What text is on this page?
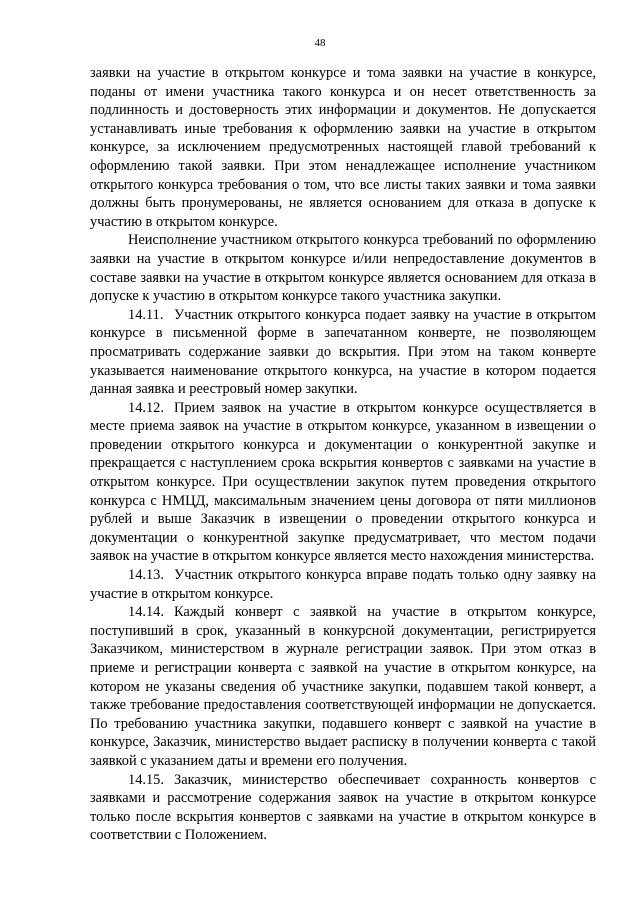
48

заявки на участие в открытом конкурсе и тома заявки на участие в конкурсе, поданы от имени участника такого конкурса и он несет ответственность за подлинность и достоверность этих информации и документов. Не допускается устанавливать иные требования к оформлению заявки на участие в открытом конкурсе, за исключением предусмотренных настоящей главой требований к оформлению такой заявки. При этом ненадлежащее исполнение участником открытого конкурса требования о том, что все листы таких заявки и тома заявки должны быть пронумерованы, не является основанием для отказа в допуске к участию в открытом конкурсе.

Неисполнение участником открытого конкурса требований по оформлению заявки на участие в открытом конкурсе и/или непредоставление документов в составе заявки на участие в открытом конкурсе является основанием для отказа в допуске к участию в открытом конкурсе такого участника закупки.

14.11. Участник открытого конкурса подает заявку на участие в открытом конкурсе в письменной форме в запечатанном конверте, не позволяющем просматривать содержание заявки до вскрытия. При этом на таком конверте указывается наименование открытого конкурса, на участие в котором подается данная заявка и реестровый номер закупки.

14.12. Прием заявок на участие в открытом конкурсе осуществляется в месте приема заявок на участие в открытом конкурсе, указанном в извещении о проведении открытого конкурса и документации о конкурентной закупке и прекращается с наступлением срока вскрытия конвертов с заявками на участие в открытом конкурсе. При осуществлении закупок путем проведения открытого конкурса с НМЦД, максимальным значением цены договора от пяти миллионов рублей и выше Заказчик в извещении о проведении открытого конкурса и документации о конкурентной закупке предусматривает, что местом подачи заявок на участие в открытом конкурсе является место нахождения министерства.

14.13. Участник открытого конкурса вправе подать только одну заявку на участие в открытом конкурсе.

14.14. Каждый конверт с заявкой на участие в открытом конкурсе, поступивший в срок, указанный в конкурсной документации, регистрируется Заказчиком, министерством в журнале регистрации заявок. При этом отказ в приеме и регистрации конверта с заявкой на участие в открытом конкурсе, на котором не указаны сведения об участнике закупки, подавшем такой конверт, а также требование предоставления соответствующей информации не допускается. По требованию участника закупки, подавшего конверт с заявкой на участие в конкурсе, Заказчик, министерство выдает расписку в получении конверта с такой заявкой с указанием даты и времени его получения.

14.15. Заказчик, министерство обеспечивает сохранность конвертов с заявками и рассмотрение содержания заявок на участие в открытом конкурсе только после вскрытия конвертов с заявками на участие в открытом конкурсе в соответствии с Положением.
